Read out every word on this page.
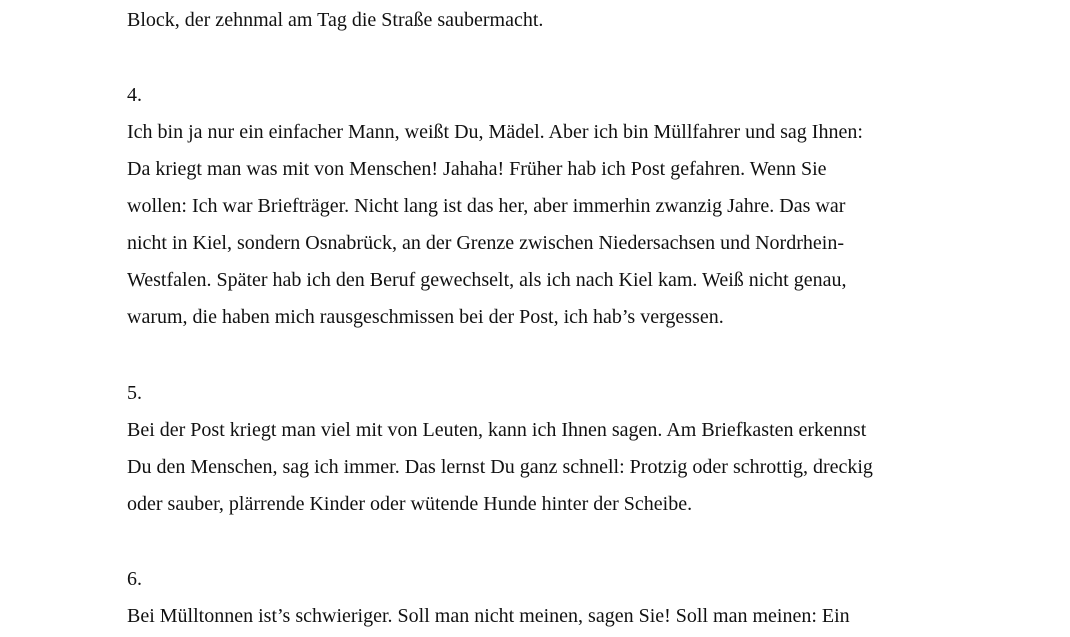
Block, der zehnmal am Tag die Straße saubermacht.
4.
Ich bin ja nur ein einfacher Mann, weißt Du, Mädel. Aber ich bin Müllfahrer und sag Ihnen:
Da kriegt man was mit von Menschen! Jahaha! Früher hab ich Post gefahren. Wenn Sie
wollen: Ich war Briefträger. Nicht lang ist das her, aber immerhin zwanzig Jahre. Das war
nicht in Kiel, sondern Osnabrück, an der Grenze zwischen Niedersachsen und Nordrhein-
Westfalen. Später hab ich den Beruf gewechselt, als ich nach Kiel kam. Weiß nicht genau,
warum, die haben mich rausgeschmissen bei der Post, ich hab’s vergessen.
5.
Bei der Post kriegt man viel mit von Leuten, kann ich Ihnen sagen. Am Briefkasten erkennst
Du den Menschen, sag ich immer. Das lernst Du ganz schnell: Protzig oder schrottig, dreckig
oder sauber, plärrende Kinder oder wütende Hunde hinter der Scheibe.
6.
Bei Mülltonnen ist’s schwieriger. Soll man nicht meinen, sagen Sie! Soll man meinen: Ein
